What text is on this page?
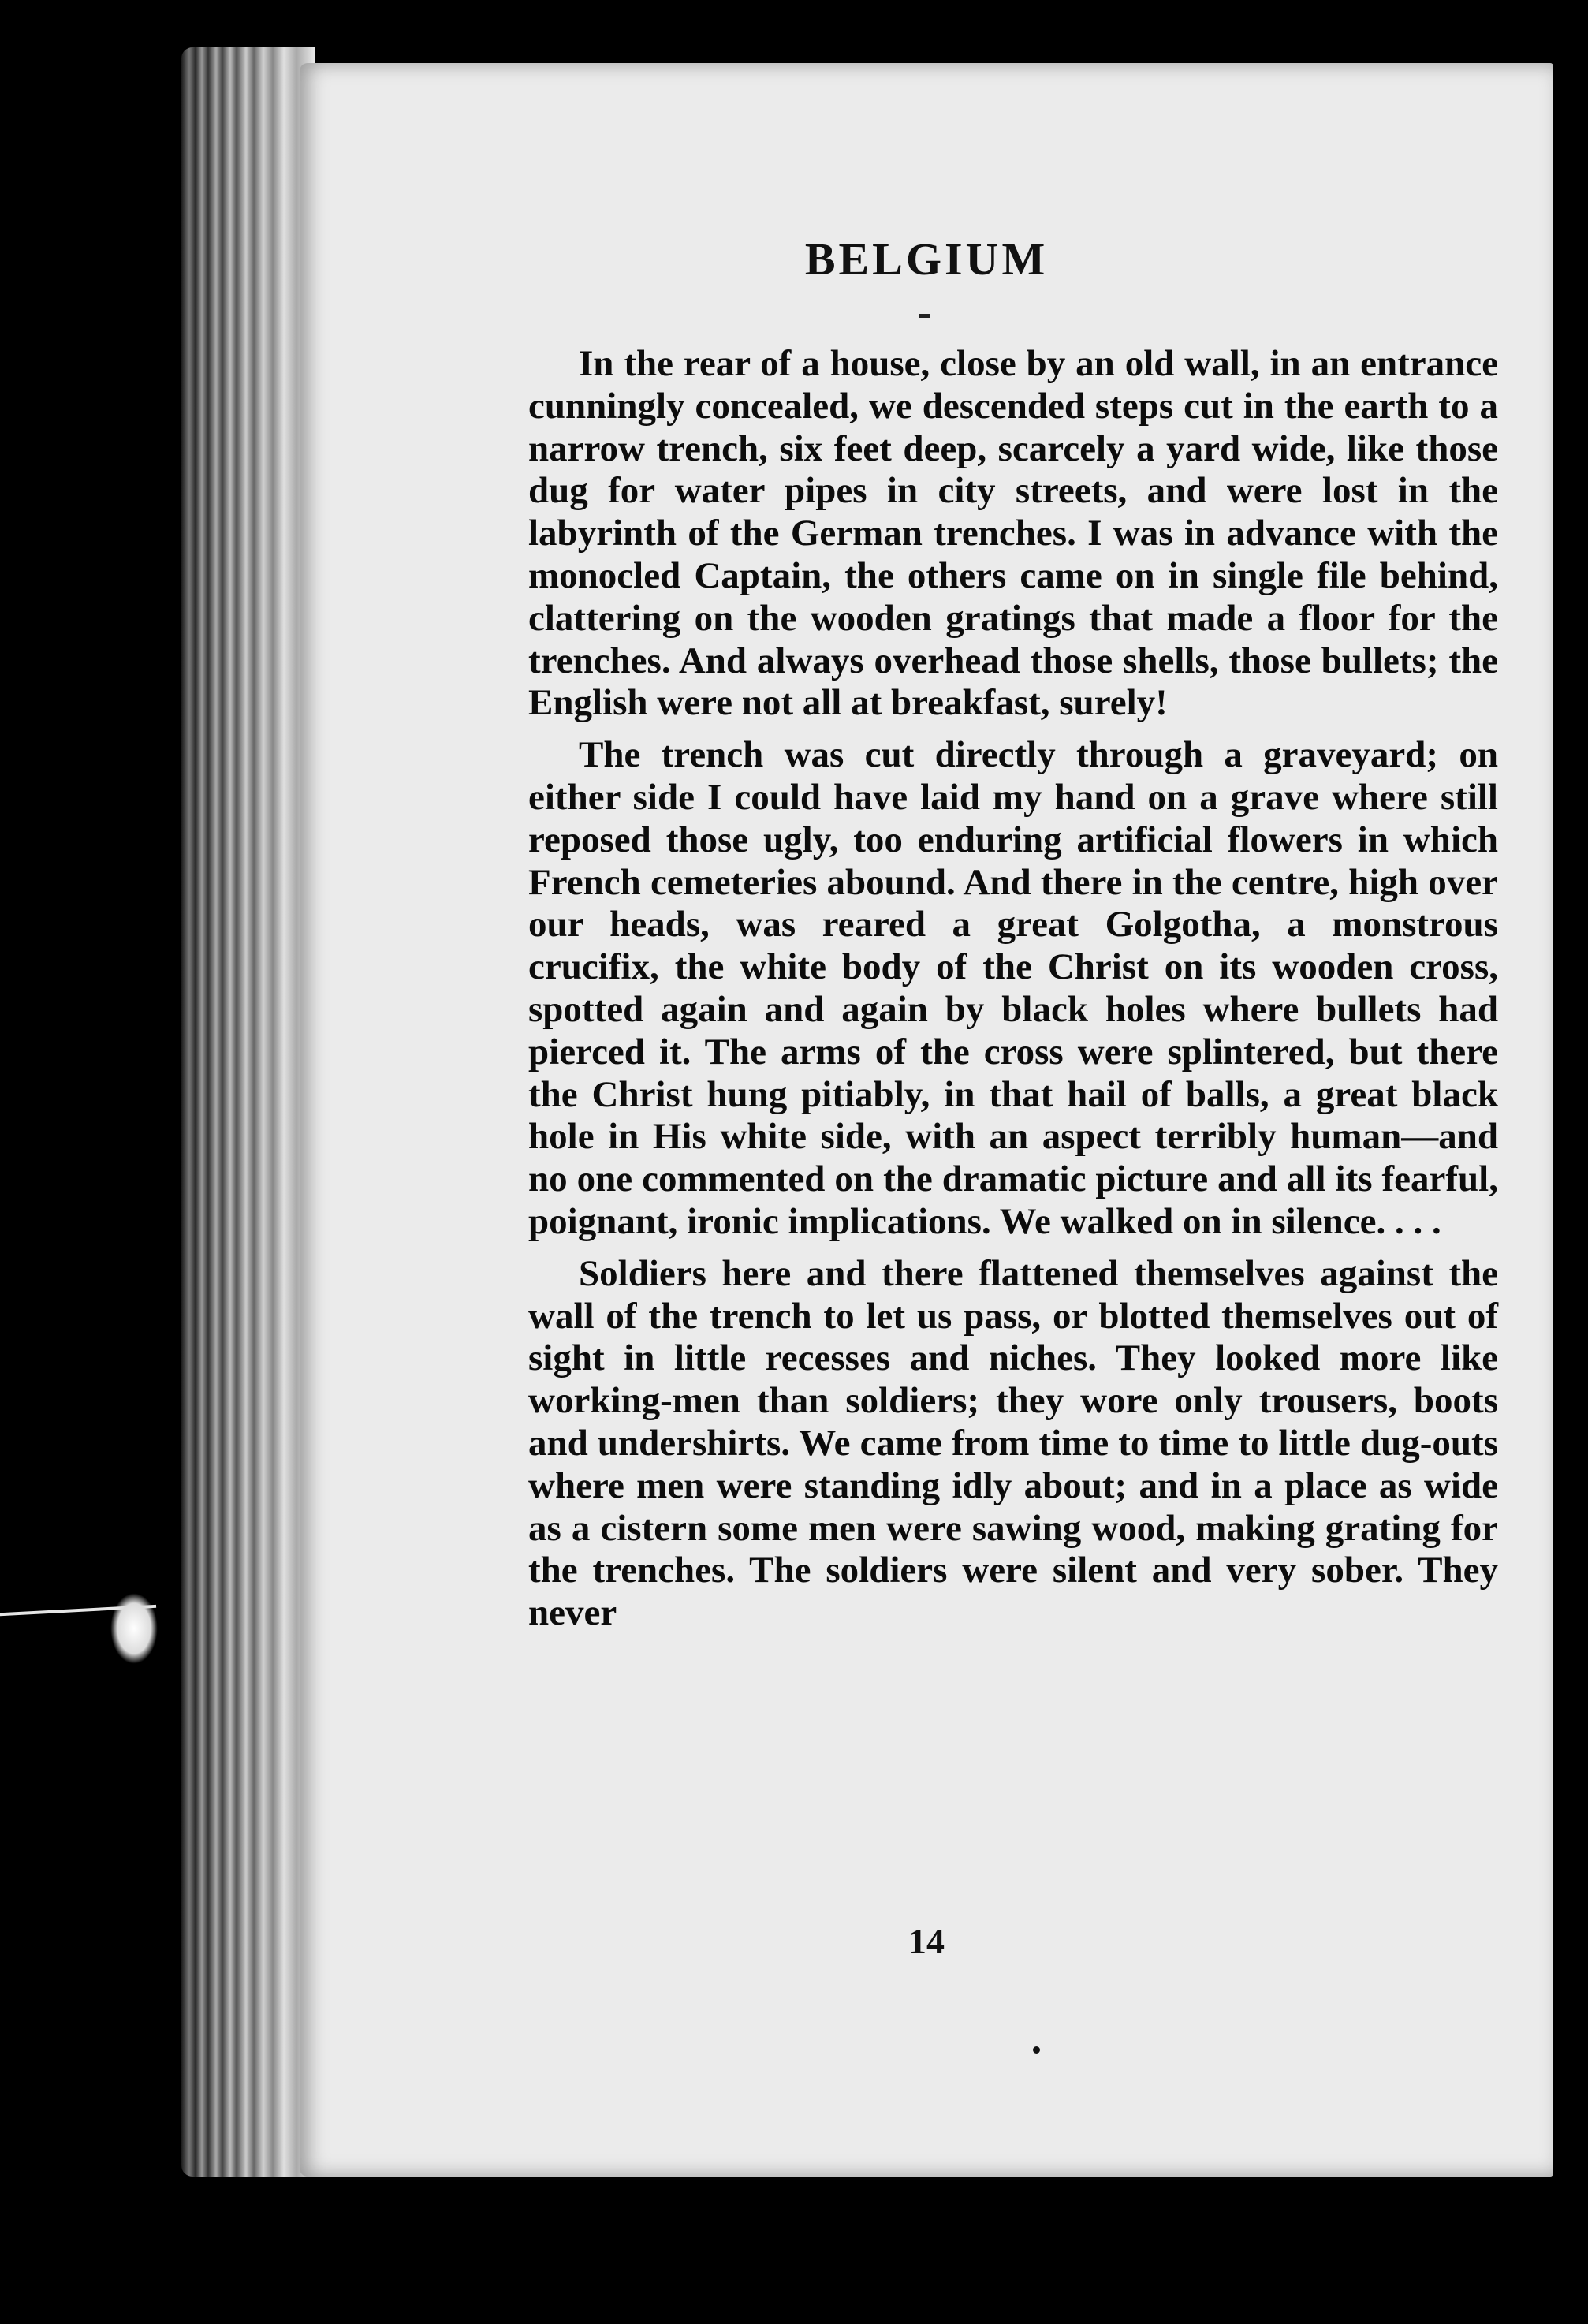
BELGIUM

In the rear of a house, close by an old wall, in an entrance cunningly concealed, we descended steps cut in the earth to a narrow trench, six feet deep, scarcely a yard wide, like those dug for water pipes in city streets, and were lost in the labyrinth of the German trenches. I was in advance with the monocled Captain, the others came on in single file behind, clattering on the wooden gratings that made a floor for the trenches. And always overhead those shells, those bullets; the English were not all at breakfast, surely!

The trench was cut directly through a graveyard; on either side I could have laid my hand on a grave where still reposed those ugly, too enduring artificial flowers in which French cemeteries abound. And there in the centre, high over our heads, was reared a great Golgotha, a monstrous crucifix, the white body of the Christ on its wooden cross, spotted again and again by black holes where bullets had pierced it. The arms of the cross were splintered, but there the Christ hung pitiably, in that hail of balls, a great black hole in His white side, with an aspect terribly human—and no one commented on the dramatic picture and all its fearful, poignant, ironic implications. We walked on in silence. . . .

Soldiers here and there flattened themselves against the wall of the trench to let us pass, or blotted themselves out of sight in little recesses and niches. They looked more like working-men than soldiers; they wore only trousers, boots and undershirts. We came from time to time to little dug-outs where men were standing idly about; and in a place as wide as a cistern some men were sawing wood, making grating for the trenches. The soldiers were silent and very sober. They never

14
